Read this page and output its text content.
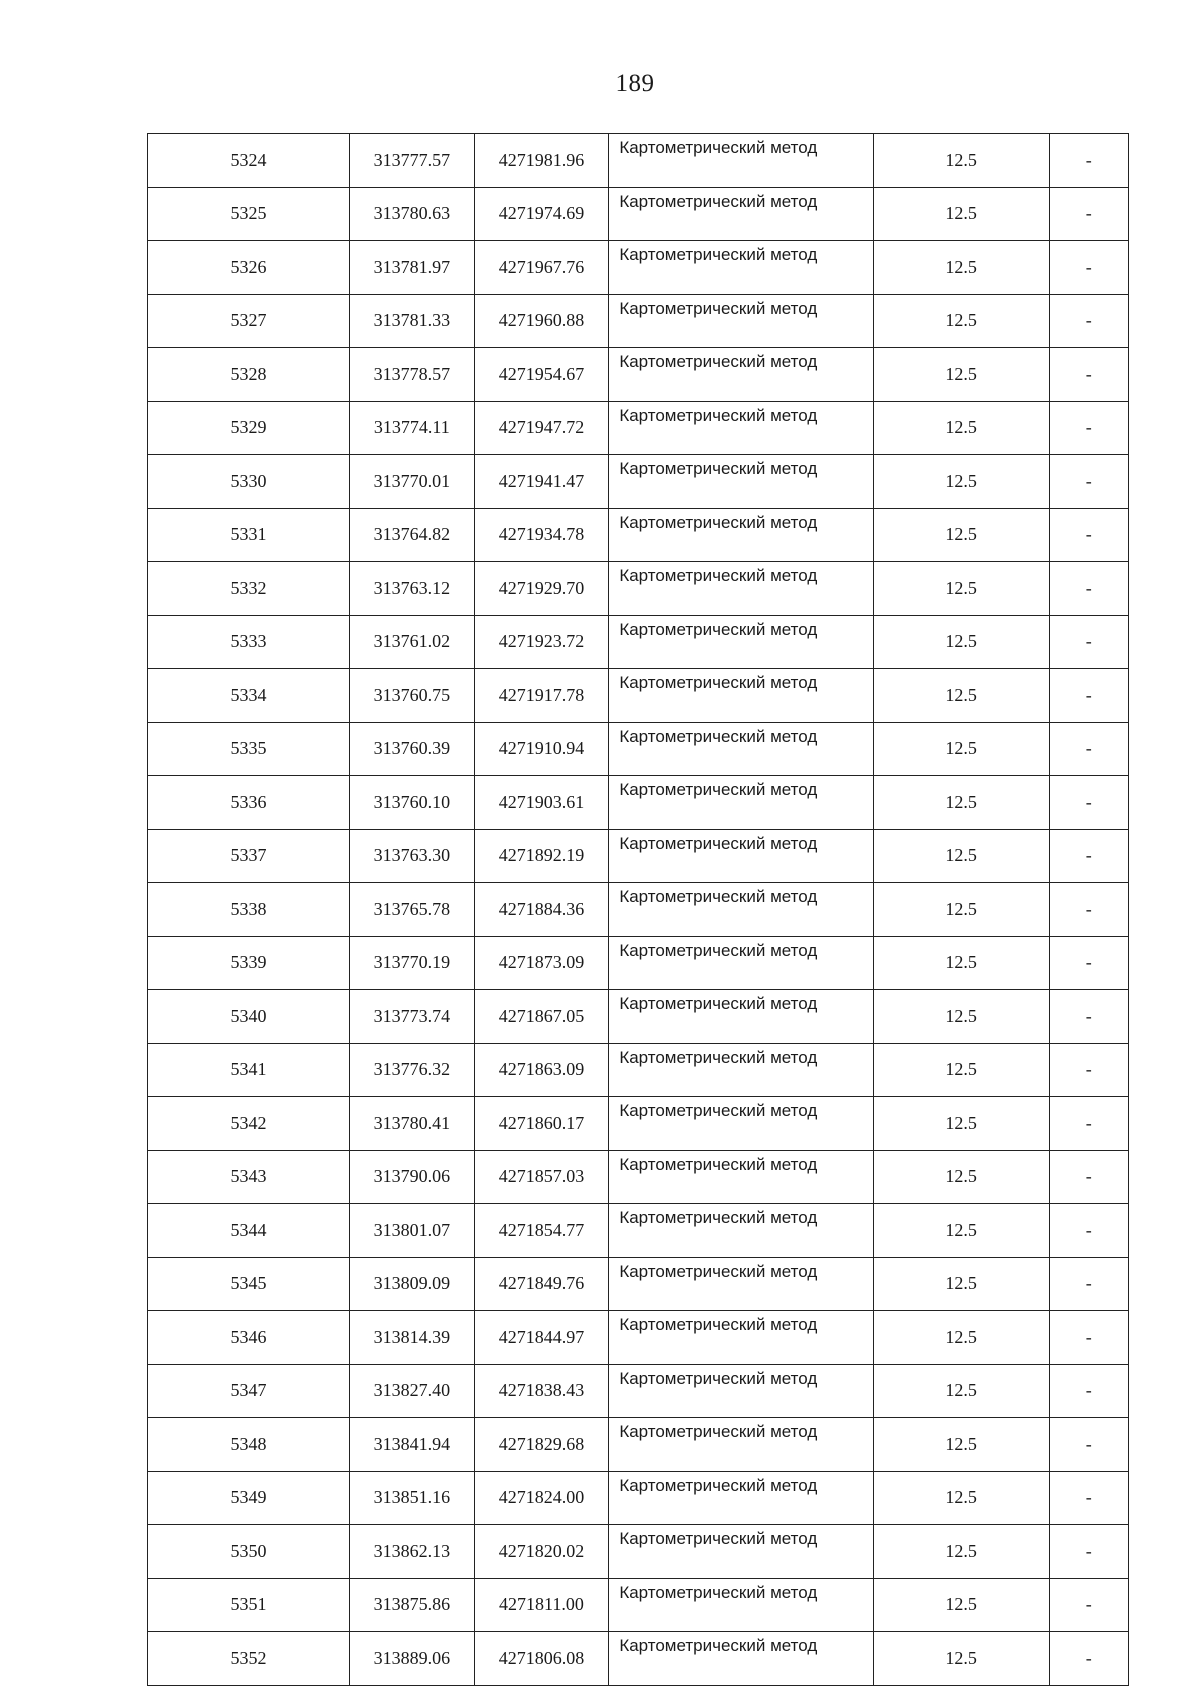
189
5324	313777.57	4271981.96	Картометрический метод	12.5	-
5325	313780.63	4271974.69	Картометрический метод	12.5	-
5326	313781.97	4271967.76	Картометрический метод	12.5	-
5327	313781.33	4271960.88	Картометрический метод	12.5	-
5328	313778.57	4271954.67	Картометрический метод	12.5	-
5329	313774.11	4271947.72	Картометрический метод	12.5	-
5330	313770.01	4271941.47	Картометрический метод	12.5	-
5331	313764.82	4271934.78	Картометрический метод	12.5	-
5332	313763.12	4271929.70	Картометрический метод	12.5	-
5333	313761.02	4271923.72	Картометрический метод	12.5	-
5334	313760.75	4271917.78	Картометрический метод	12.5	-
5335	313760.39	4271910.94	Картометрический метод	12.5	-
5336	313760.10	4271903.61	Картометрический метод	12.5	-
5337	313763.30	4271892.19	Картометрический метод	12.5	-
5338	313765.78	4271884.36	Картометрический метод	12.5	-
5339	313770.19	4271873.09	Картометрический метод	12.5	-
5340	313773.74	4271867.05	Картометрический метод	12.5	-
5341	313776.32	4271863.09	Картометрический метод	12.5	-
5342	313780.41	4271860.17	Картометрический метод	12.5	-
5343	313790.06	4271857.03	Картометрический метод	12.5	-
5344	313801.07	4271854.77	Картометрический метод	12.5	-
5345	313809.09	4271849.76	Картометрический метод	12.5	-
5346	313814.39	4271844.97	Картометрический метод	12.5	-
5347	313827.40	4271838.43	Картометрический метод	12.5	-
5348	313841.94	4271829.68	Картометрический метод	12.5	-
5349	313851.16	4271824.00	Картометрический метод	12.5	-
5350	313862.13	4271820.02	Картометрический метод	12.5	-
5351	313875.86	4271811.00	Картометрический метод	12.5	-
5352	313889.06	4271806.08	Картометрический метод	12.5	-
